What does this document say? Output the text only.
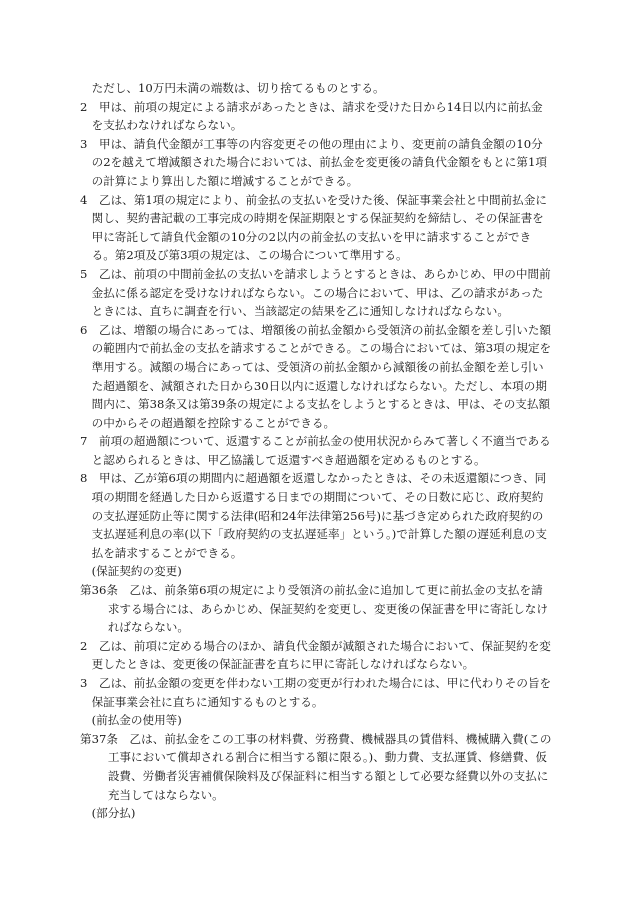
ただし、10万円未満の端数は、切り捨てるものとする。

2　甲は、前項の規定による請求があったときは、請求を受けた日から14日以内に前払金を支払わなければならない。

3　甲は、請負代金額が工事等の内容変更その他の理由により、変更前の請負金額の10分の2を越えて増減額された場合においては、前払金を変更後の請負代金額をもとに第1項の計算により算出した額に増減することができる。

4　乙は、第1項の規定により、前金払の支払いを受けた後、保証事業会社と中間前払金に関し、契約書記載の工事完成の時期を保証期限とする保証契約を締結し、その保証書を甲に寄託して請負代金額の10分の2以内の前金払の支払いを甲に請求することができる。第2項及び第3項の規定は、この場合について準用する。

5　乙は、前項の中間前金払の支払いを請求しようとするときは、あらかじめ、甲の中間前金払に係る認定を受けなければならない。この場合において、甲は、乙の請求があったときには、直ちに調査を行い、当該認定の結果を乙に通知しなければならない。

6　乙は、増額の場合にあっては、増額後の前払金額から受領済の前払金額を差し引いた額の範囲内で前払金の支払を請求することができる。この場合においては、第3項の規定を準用する。減額の場合にあっては、受領済の前払金額から減額後の前払金額を差し引いた超過額を、減額された日から30日以内に返還しなければならない。ただし、本項の期間内に、第38条又は第39条の規定による支払をしようとするときは、甲は、その支払額の中からその超過額を控除することができる。

7　前項の超過額について、返還することが前払金の使用状況からみて著しく不適当であると認められるときは、甲乙協議して返還すべき超過額を定めるものとする。

8　甲は、乙が第6項の期間内に超過額を返還しなかったときは、その未返還額につき、同項の期間を経過した日から返還する日までの期間について、その日数に応じ、政府契約の支払遅延防止等に関する法律(昭和24年法律第256号)に基づき定められた政府契約の支払遅延利息の率(以下「政府契約の支払遅延率」という。)で計算した額の遅延利息の支払を請求することができる。

(保証契約の変更)

第36条　乙は、前条第6項の規定により受領済の前払金に追加して更に前払金の支払を請求する場合には、あらかじめ、保証契約を変更し、変更後の保証書を甲に寄託しなければならない。

2　乙は、前項に定める場合のほか、請負代金額が減額された場合において、保証契約を変更したときは、変更後の保証証書を直ちに甲に寄託しなければならない。

3　乙は、前払金額の変更を伴わない工期の変更が行われた場合には、甲に代わりその旨を保証事業会社に直ちに通知するものとする。

(前払金の使用等)

第37条　乙は、前払金をこの工事の材料費、労務費、機械器具の賃借料、機械購入費(この工事において償却される割合に相当する額に限る。)、動力費、支払運賃、修繕費、仮設費、労働者災害補償保険料及び保証料に相当する額として必要な経費以外の支払に充当してはならない。

(部分払)
